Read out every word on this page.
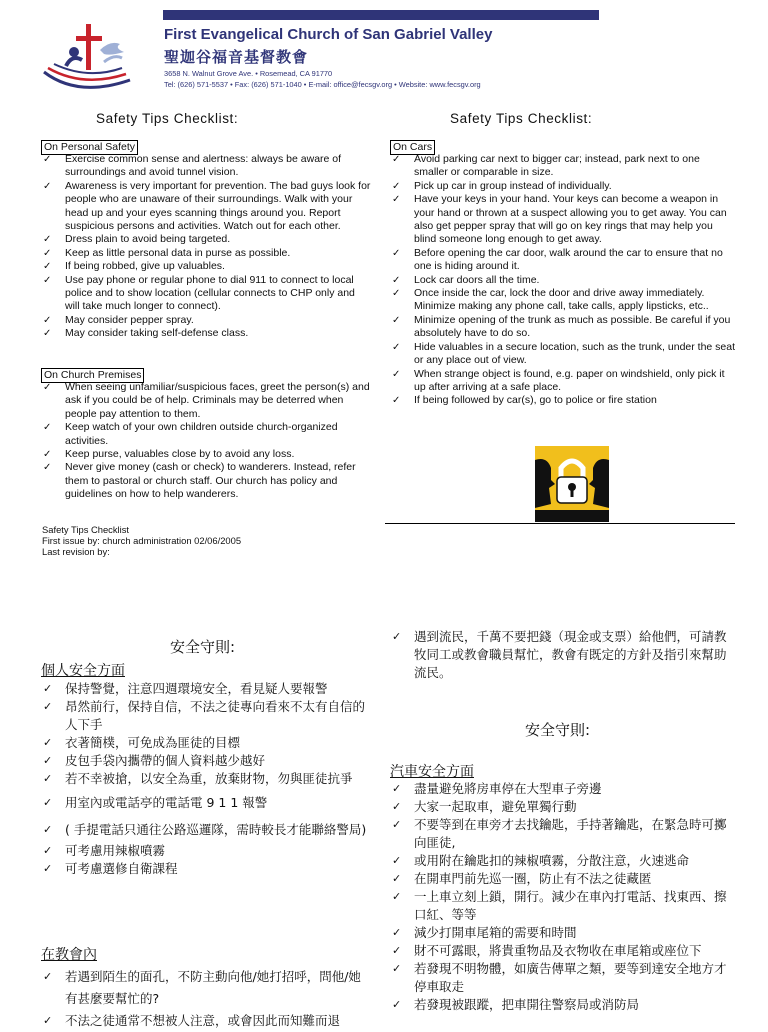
First Evangelical Church of San Gabriel Valley
聖迦谷福音基督教會
3658 N. Walnut Grove Ave. • Rosemead, CA 91770
Tel: (626) 571-5537 • Fax: (626) 571-1040 • E-mail: office@fecsgv.org • Website: www.fecsgv.org
Safety Tips Checklist:
On Personal Safety
✓ Exercise common sense and alertness: always be aware of surroundings and avoid tunnel vision.
✓ Awareness is very important for prevention. The bad guys look for people who are unaware of their surroundings. Walk with your head up and your eyes scanning things around you. Report suspicious persons and activities. Watch out for each other.
✓ Dress plain to avoid being targeted.
✓ Keep as little personal data in purse as possible.
✓ If being robbed, give up valuables.
✓ Use pay phone or regular phone to dial 911 to connect to local police and to show location (cellular connects to CHP only and will take much longer to connect).
✓ May consider pepper spray.
✓ May consider taking self-defense class.
On Church Premises
✓ When seeing unfamiliar/suspicious faces, greet the person(s) and ask if you could be of help. Criminals may be deterred when people pay attention to them.
✓ Keep watch of your own children outside church-organized activities.
✓ Keep purse, valuables close by to avoid any loss.
✓ Never give money (cash or check) to wanderers. Instead, refer them to pastoral or church staff. Our church has policy and guidelines on how to help wanderers.
Safety Tips Checklist:
On Cars
✓ Avoid parking car next to bigger car; instead, park next to one smaller or comparable in size.
✓ Pick up car in group instead of individually.
✓ Have your keys in your hand. Your keys can become a weapon in your hand or thrown at a suspect allowing you to get away. You can also get pepper spray that will go on key rings that may help you blind someone long enough to get away.
✓ Before opening the car door, walk around the car to ensure that no one is hiding around it.
✓ Lock car doors all the time.
✓ Once inside the car, lock the door and drive away immediately. Minimize making any phone call, take calls, apply lipsticks, etc..
✓ Minimize opening of the trunk as much as possible. Be careful if you absolutely have to do so.
✓ Hide valuables in a secure location, such as the trunk, under the seat or any place out of view.
✓ When strange object is found, e.g. paper on windshield, only pick it up after arriving at a safe place.
✓ If being followed by car(s), go to police or fire station
Safety Tips Checklist
First issue by: church administration 02/06/2005
Last revision by:
安全守則:
個人安全方面
✓ 保持警覺，注意四週環境安全，看見疑人要報警
✓ 昂然前行，保持自信，不法之徒專向看來不太有自信的人下手
✓ 衣著簡樸，可免成為匪徒的目標
✓ 皮包手袋內攜帶的個人資料越少越好
✓ 若不幸被搶，以安全為重，放棄財物，勿與匪徒抗爭
✓ 用室內或電話亭的電話電 9 1 1 報警
✓ ( 手提電話只通往公路巡邏隊，需時較長才能聯絡警局)
✓ 可考慮用辣椒噴霧
✓ 可考慮選修自衛課程
在教會內
✓ 若遇到陌生的面孔，不防主動向他/她打招呼，問他/她有甚麼要幫忙的?
✓ 不法之徒通常不想被人注意，或會因此而知難而退
✓ 遇到流民，千萬不要把錢（現金或支票）給他們，可請教牧同工或教會職員幫忙，教會有既定的方針及指引來幫助流民。
安全守則:
汽車安全方面
✓ 盡量避免將房車停在大型車子旁邊
✓ 大家一起取車，避免單獨行動
✓ 不要等到在車旁才去找鑰匙，手持著鑰匙，在緊急時可擲向匪徒,
✓ 或用附在鑰匙扣的辣椒噴霧，分散注意，火速逃命
✓ 在開車門前先巡一圈，防止有不法之徒藏匿
✓ 一上車立刻上鎖，開行。減少在車內打電話、找東西、擦口紅、等等
✓ 減少打開車尾箱的需要和時間
✓ 財不可露眼，將貴重物品及衣物收在車尾箱或座位下
✓ 若發現不明物體，如廣告傳單之類，要等到達安全地方才停車取走
✓ 若發現被跟蹤，把車開往警察局或消防局
